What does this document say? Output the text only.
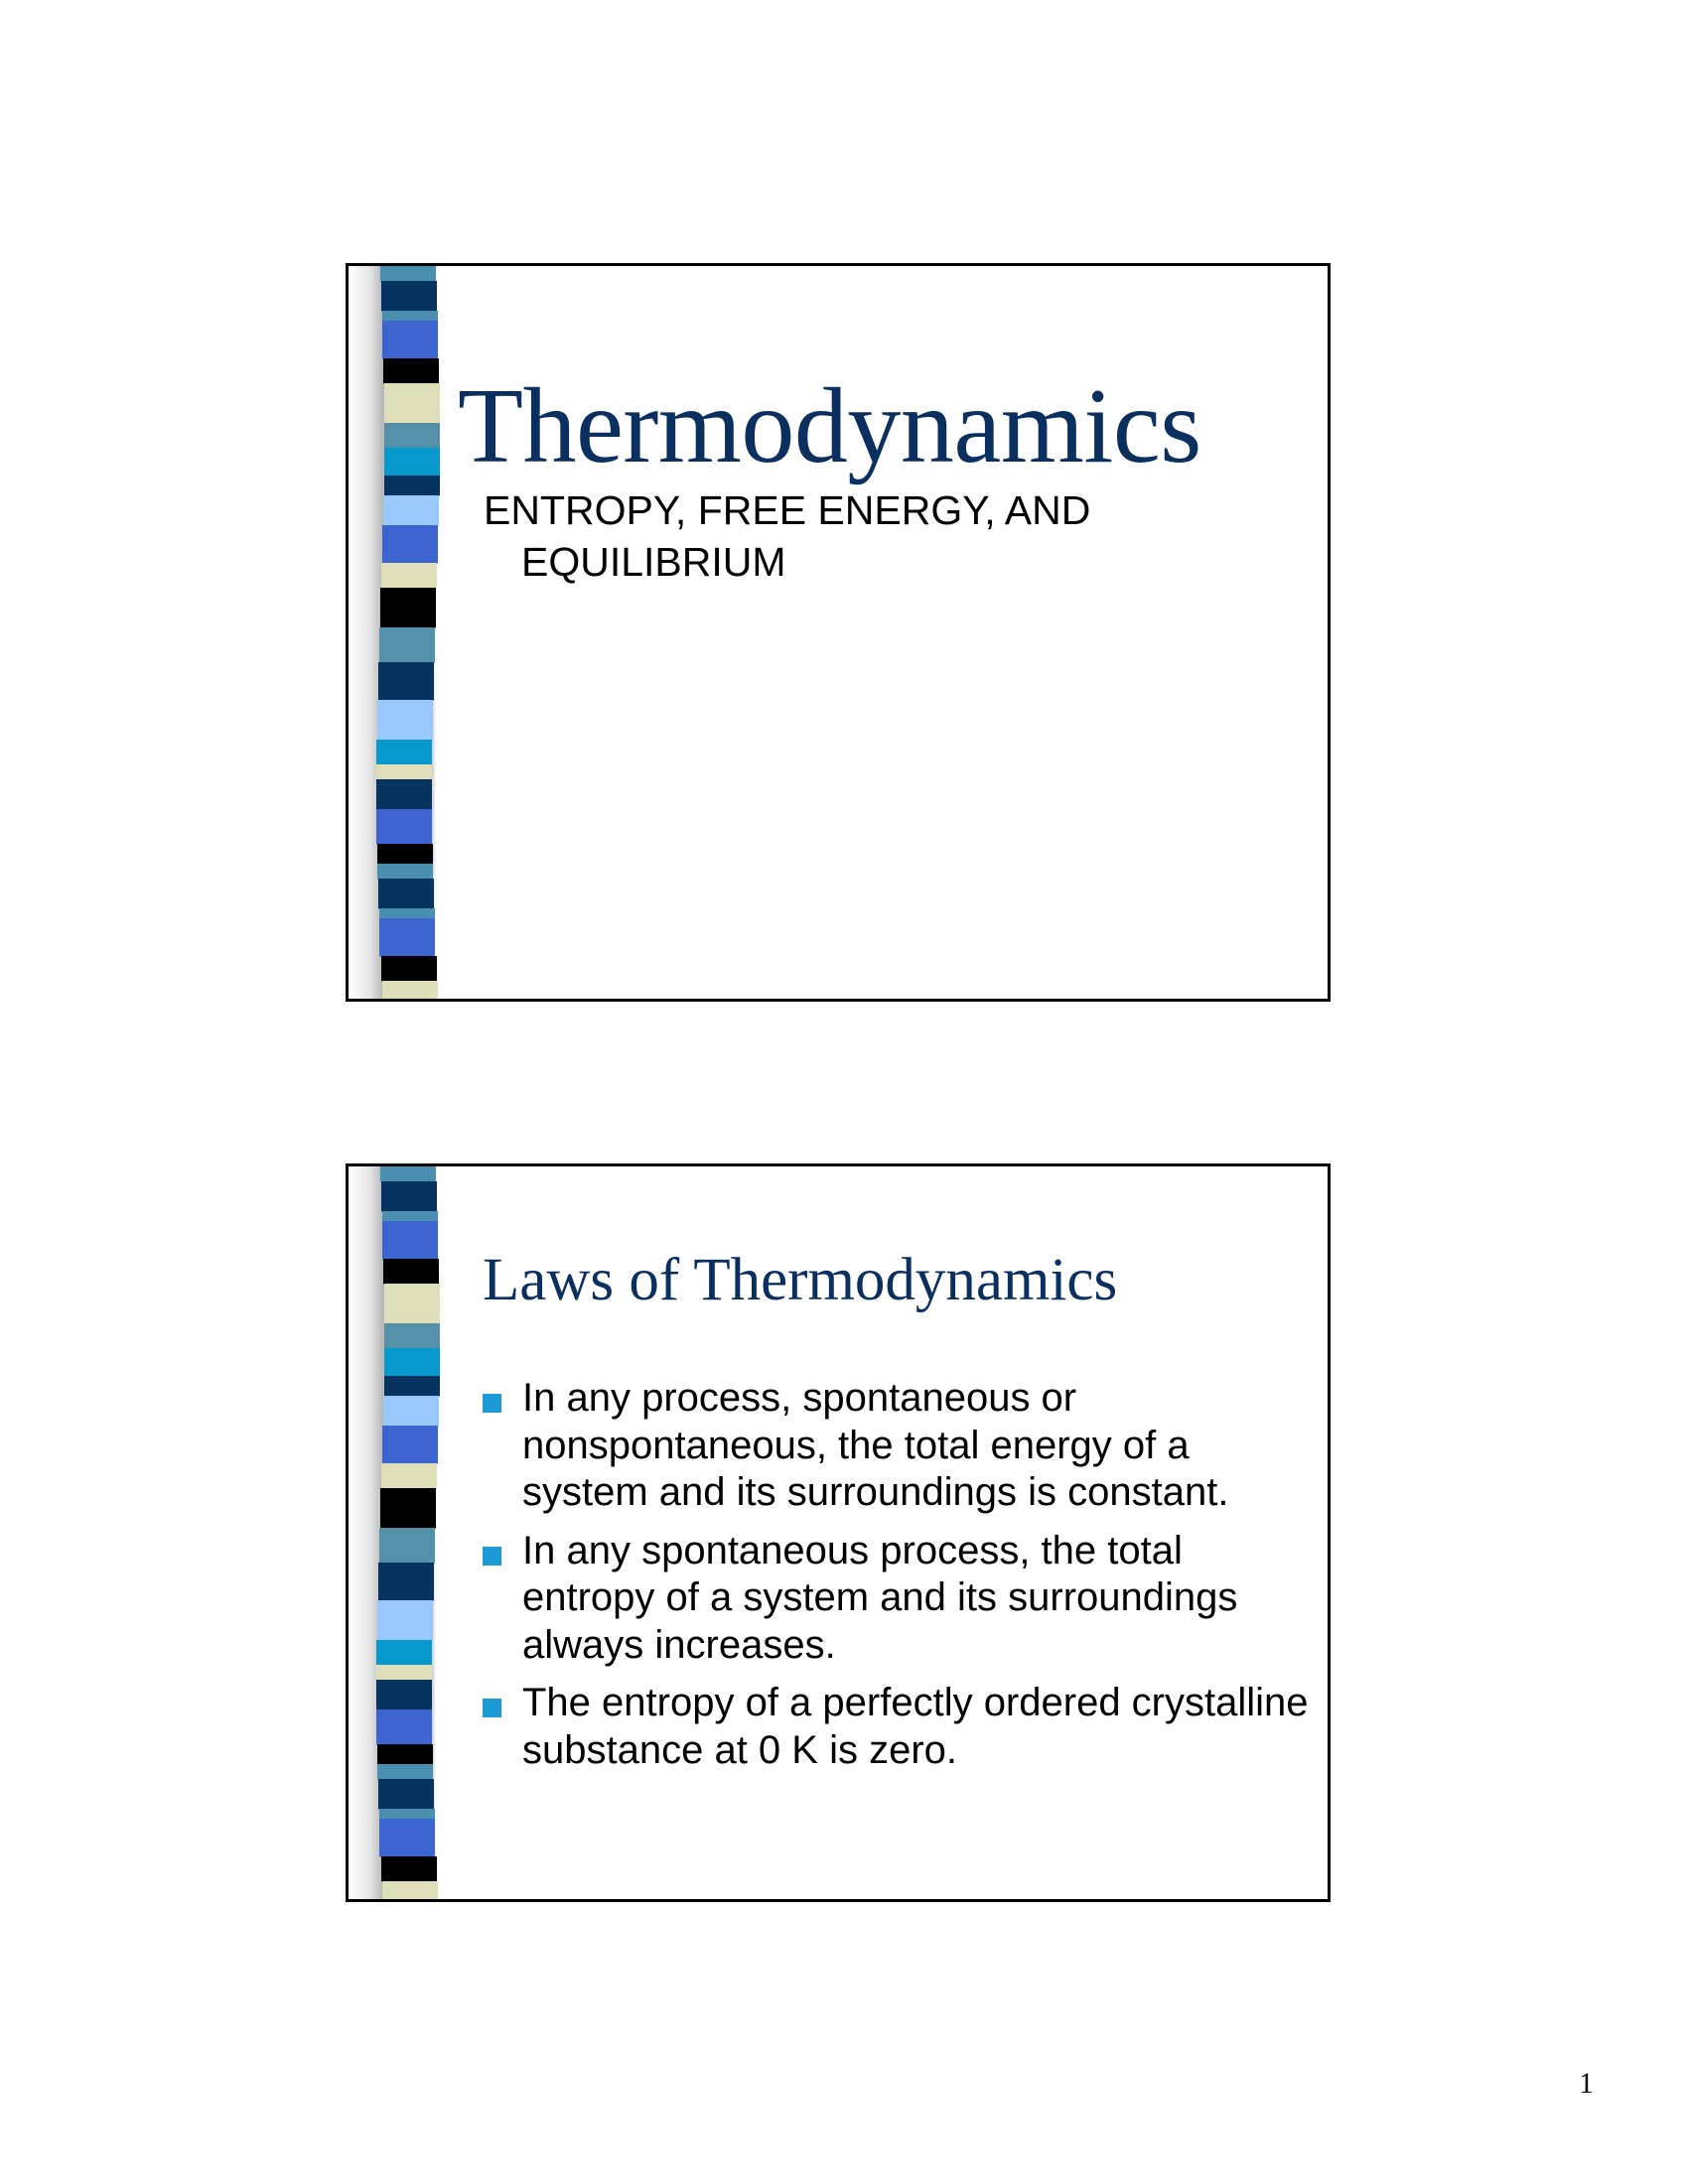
Thermodynamics
ENTROPY, FREE ENERGY, AND EQUILIBRIUM
Laws of Thermodynamics
In any process, spontaneous or nonspontaneous, the total energy of a system and its surroundings is constant.
In any spontaneous process, the total entropy of a system and its surroundings always increases.
The entropy of a perfectly ordered crystalline substance at 0 K is zero.
1
